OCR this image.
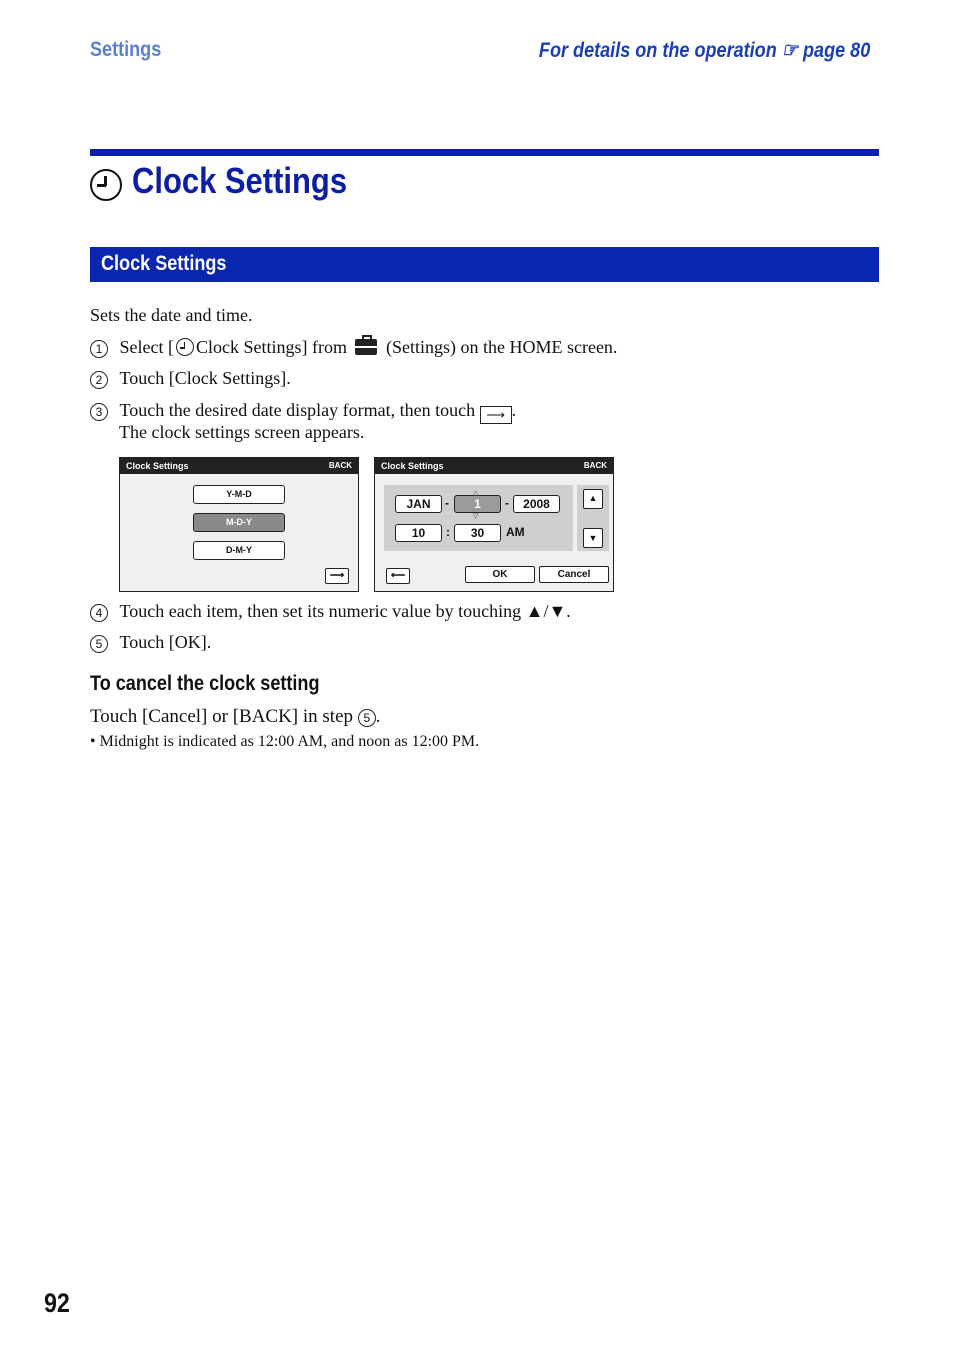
Settings	For details on the operation ☞ page 80
Clock Settings
Clock Settings
Sets the date and time.
1 Select [ Clock Settings] from (Settings) on the HOME screen.
2 Touch [Clock Settings].
3 Touch the desired date display format, then touch ⟶ .
The clock settings screen appears.
Clock Settings	BACK
Y-M-D
M-D-Y
D-M-Y
⟶
Clock Settings	BACK
JAN	-	1
△
▽
-	2008
10	:	30	AM
▲
▼
⟵	OK	Cancel
4 Touch each item, then set its numeric value by touching ▲/▼.
5 Touch [OK].
To cancel the clock setting
Touch [Cancel] or [BACK] in step 5 .
• Midnight is indicated as 12:00 AM, and noon as 12:00 PM.
92
